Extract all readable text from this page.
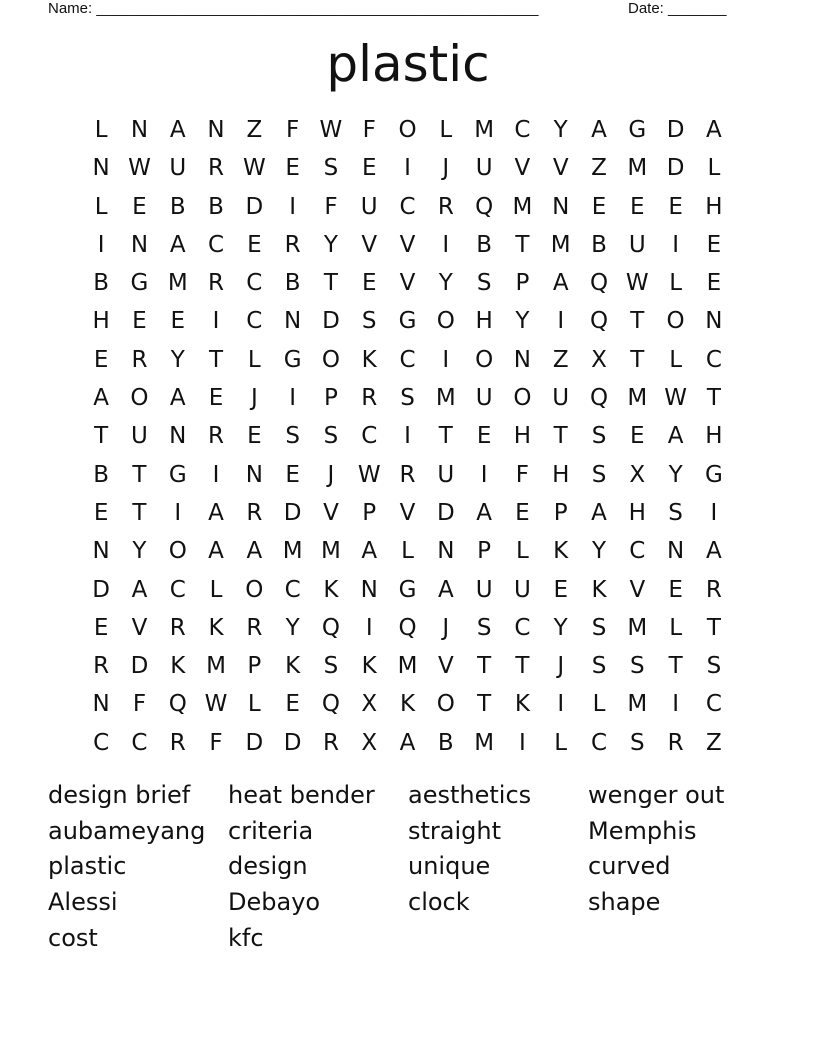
Name: _____________________________________________________	Date: _______
plastic
L	N A N Z	F W F O L M C	Y	A G D A
N W U R W E	S	E	I	J	U V V Z M D	L
L	E	B B D	I	F	U C R Q M N E	E	E H
I	N A C	E	R	Y	V V	I	B	T M B U	I	E
B G M R C B	T	E	V	Y	S	P	A Q W L	E
H E	E	I	C N D S G O H Y	I	Q T O N
E	R	Y	T	L G O K C	I	O N Z X	T	L	C
A O A	E	J	I	P	R	S M U O U Q M W T
T U N R	E	S	S C	I	T	E H T	S	E	A H
B	T G	I	N E	J	W R U	I	F	H S	X	Y G
E	T	I	A R D V	P	V D A	E	P	A H S	I
N Y O A A M M A	L	N P	L	K	Y	C N A
D A C	L O C K N G A U U E	K V	E	R
E	V R K R	Y Q	I	Q	J	S C	Y	S M L	T
R D K M P	K	S	K M V	T	T	J	S	S	T	S
N	F Q W L	E Q X K O T	K	I	L M	I	C
C C R	F D D R X A B M	I	L	C S	R Z
design brief	heat bender	aesthetics	wenger out
aubameyang criteria	straight	Memphis
plastic	design	unique	curved
Alessi	Debayo	clock	shape
cost	kfc
